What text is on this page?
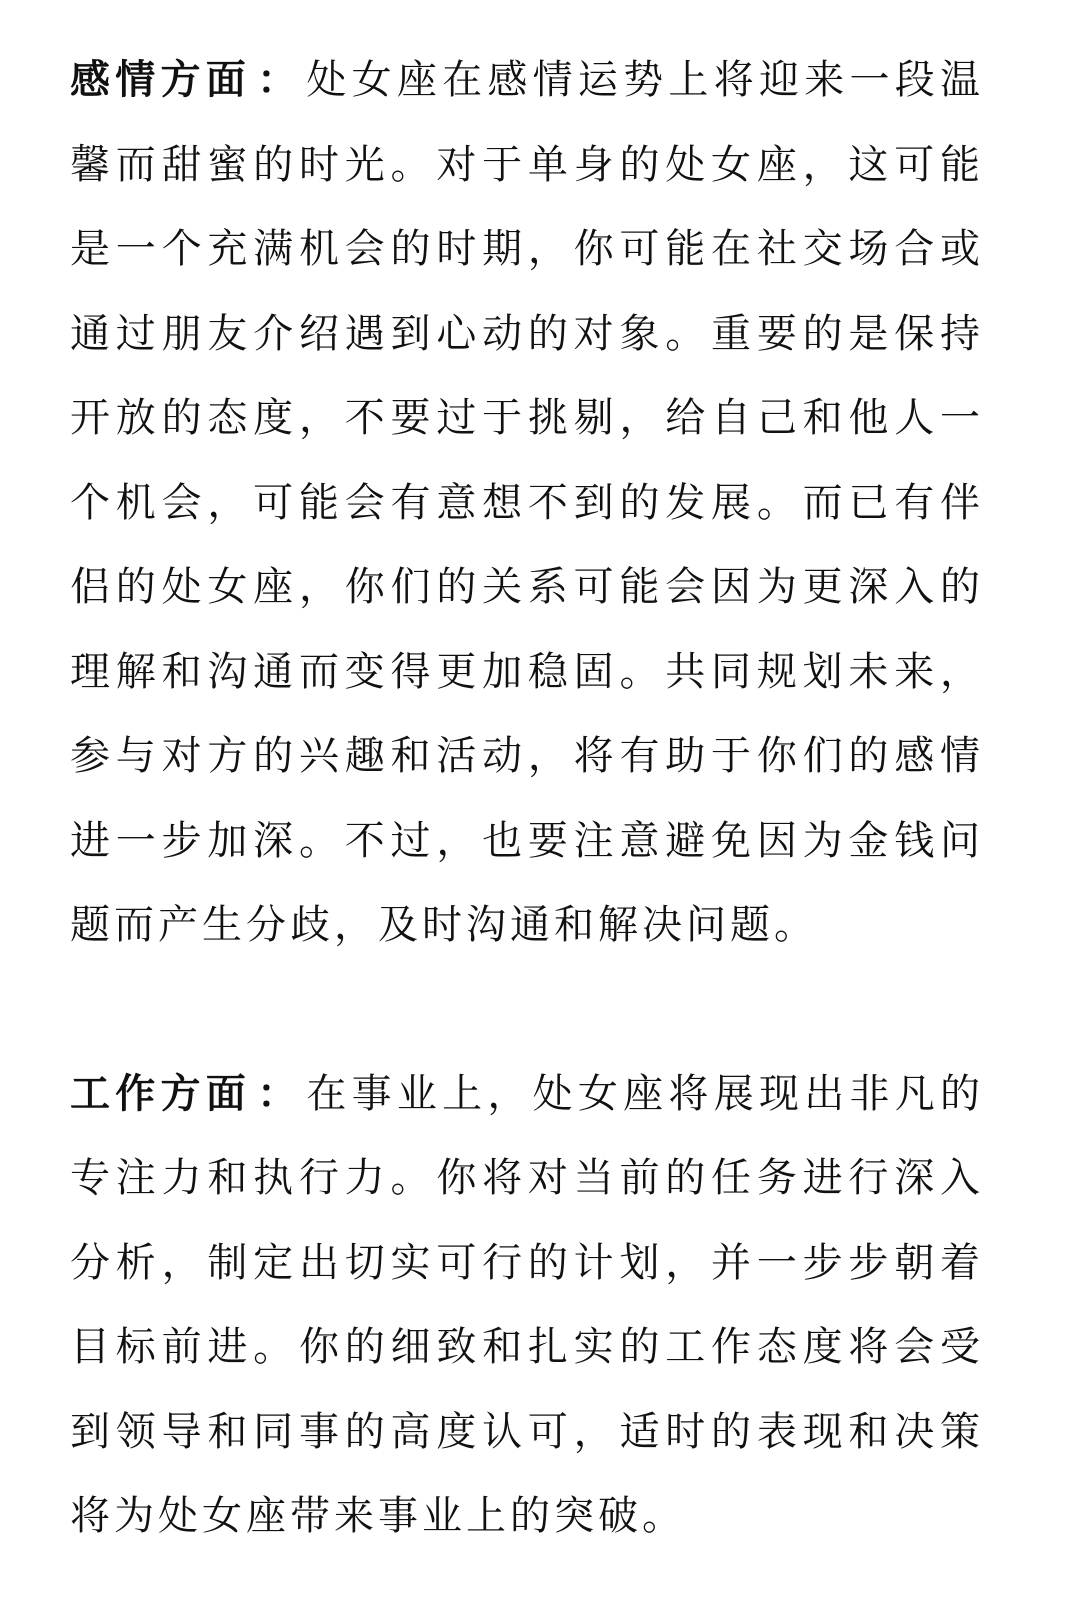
感情方面 ： 处女座在感情运势上将迎来一段温馨而甜蜜的时光。对于单身的处女座，这可能是一个充满机会的时期，你可能在社交场合或通过朋友介绍遇到心动的对象。重要的是保持开放的态度，不要过于挑剔，给自己和他人一个机会，可能会有意想不到的发展。而已有伴侣的处女座，你们的关系可能会因为更深入的理解和沟通而变得更加稳固。共同规划未来，参与对方的兴趣和活动，将有助于你们的感情进一步加深。不过，也要注意避免因为金钱问题而产生分歧，及时沟通和解决问题。

工作方面 ： 在事业上，处女座将展现出非凡的专注力和执行力。你将对当前的任务进行深入分析，制定出切实可行的计划，并一步步朝着目标前进。你的细致和扎实的工作态度将会受到领导和同事的高度认可，适时的表现和决策将为处女座带来事业上的突破。
